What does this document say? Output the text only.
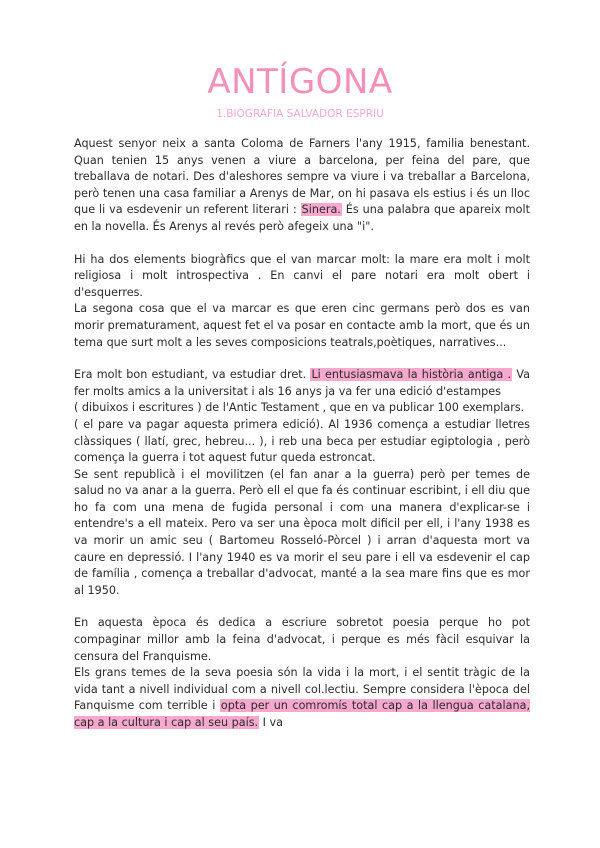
ANTÍGONA
1.BIOGRAFIA SALVADOR ESPRIU

Aquest senyor neix a santa Coloma de Farners l'any 1915, familia benestant. Quan tenien 15 anys venen a viure a barcelona, per feina del pare, que treballava de notari. Des d'aleshores sempre va viure i va treballar a Barcelona, però tenen una casa familiar a Arenys de Mar, on hi pasava els estius i és un lloc que li va esdevenir un referent literari : Sinera. És una palabra que apareix molt en la novella. És Arenys al revés però afegeix una "i".

Hi ha dos elements biogràfics que el van marcar molt: la mare era molt i molt religiosa i molt introspectiva . En canvi el pare notari era molt obert i d'esquerres.

La segona cosa que el va marcar es que eren cinc germans però dos es van morir prematurament, aquest fet el va posar en contacte amb la mort, que és un tema que surt molt a les seves composicions teatrals,poètiques, narratives...

Era molt bon estudiant, va estudiar dret. Li entusiasmava la història antiga . Va fer molts amics a la universitat i als 16 anys ja va fer una edició d'estampes

( dibuixos i escritures ) de l'Antic Testament , que en va publicar 100 exemplars.

( el pare va pagar aquesta primera edició). Al 1936 comença a estudiar lletres clàssiques ( llatí, grec, hebreu... ), i reb una beca per estudiar egiptologia , però comença la guerra i tot aquest futur queda estroncat.

Se sent republicà i el movilitzen (el fan anar a la guerra) però per temes de salud no va anar a la guerra. Però ell el que fa és continuar escribint, i ell diu que ho fa com una mena de fugida personal i com una manera d'explicar-se i entendre's a ell mateix. Pero va ser una època molt dificil per ell, i l'any 1938 es va morir un amic seu ( Bartomeu Rosseló-Pòrcel ) i arran d'aquesta mort va caure en depressió. I l'any 1940 es va morir el seu pare i ell va esdevenir el cap de família , comença a treballar d'advocat, manté a la sea mare fins que es mor al 1950.

En aquesta època és dedica a escriure sobretot poesia perque ho pot compaginar millor amb la feina d'advocat, i perque es més fàcil esquivar la censura del Franquisme.

Els grans temes de la seva poesia són la vida i la mort, i el sentit tràgic de la vida tant a nivell individual com a nivell col.lectiu. Sempre considera l'època del Fanquisme com terrible i opta per un comromís total cap a la llengua catalana, cap a la cultura i cap al seu país. I va
